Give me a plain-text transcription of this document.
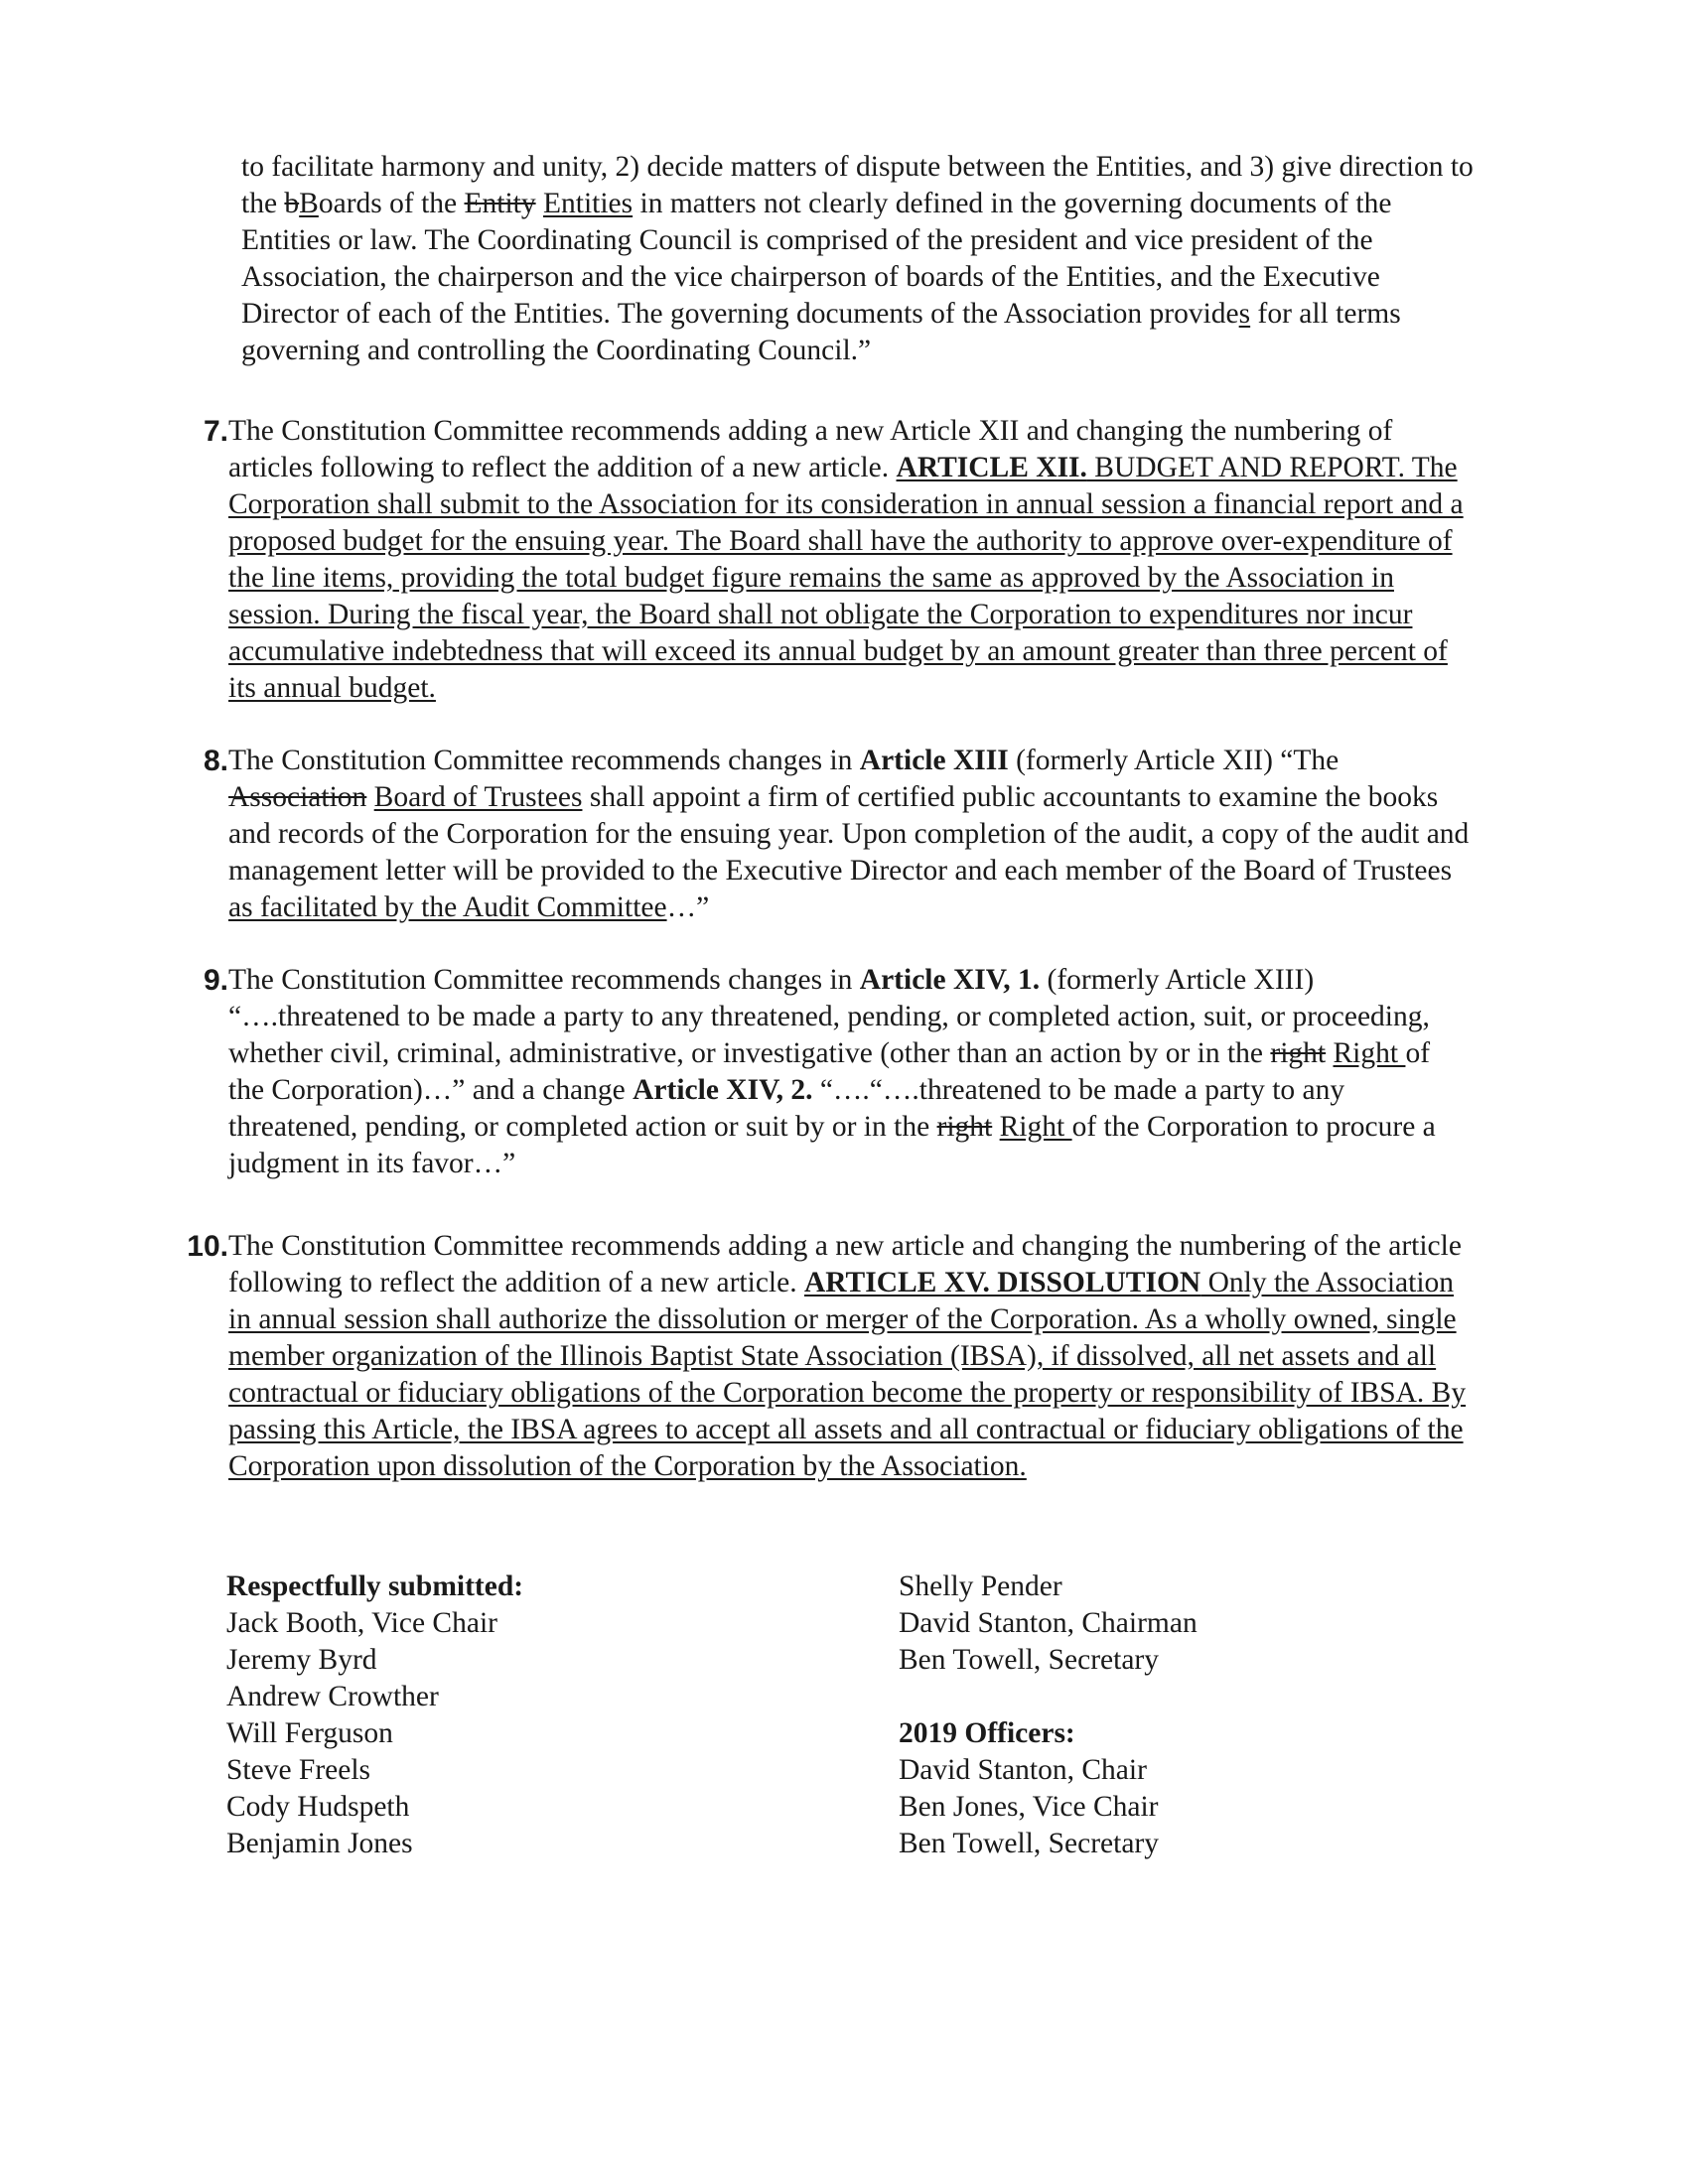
to facilitate harmony and unity, 2) decide matters of dispute between the Entities, and 3) give direction to the bBoards of the Entity Entities in matters not clearly defined in the governing documents of the Entities or law. The Coordinating Council is comprised of the president and vice president of the Association, the chairperson and the vice chairperson of boards of the Entities, and the Executive Director of each of the Entities. The governing documents of the Association provides for all terms governing and controlling the Coordinating Council.”

7. The Constitution Committee recommends adding a new Article XII and changing the numbering of articles following to reflect the addition of a new article. ARTICLE XII. BUDGET AND REPORT. The Corporation shall submit to the Association for its consideration in annual session a financial report and a proposed budget for the ensuing year. The Board shall have the authority to approve over-expenditure of the line items, providing the total budget figure remains the same as approved by the Association in session. During the fiscal year, the Board shall not obligate the Corporation to expenditures nor incur accumulative indebtedness that will exceed its annual budget by an amount greater than three percent of its annual budget.

8. The Constitution Committee recommends changes in Article XIII (formerly Article XII) “The Association Board of Trustees shall appoint a firm of certified public accountants to examine the books and records of the Corporation for the ensuing year. Upon completion of the audit, a copy of the audit and management letter will be provided to the Executive Director and each member of the Board of Trustees as facilitated by the Audit Committee…”

9. The Constitution Committee recommends changes in Article XIV, 1. (formerly Article XIII) “….threatened to be made a party to any threatened, pending, or completed action, suit, or proceeding, whether civil, criminal, administrative, or investigative (other than an action by or in the right Right of the Corporation)…” and a change Article XIV, 2. “….“….threatened to be made a party to any threatened, pending, or completed action or suit by or in the right Right of the Corporation to procure a judgment in its favor…”

10. The Constitution Committee recommends adding a new article and changing the numbering of the article following to reflect the addition of a new article. ARTICLE XV. DISSOLUTION Only the Association in annual session shall authorize the dissolution or merger of the Corporation. As a wholly owned, single member organization of the Illinois Baptist State Association (IBSA), if dissolved, all net assets and all contractual or fiduciary obligations of the Corporation become the property or responsibility of IBSA. By passing this Article, the IBSA agrees to accept all assets and all contractual or fiduciary obligations of the Corporation upon dissolution of the Corporation by the Association.

Respectfully submitted:
Jack Booth, Vice Chair
Jeremy Byrd
Andrew Crowther
Will Ferguson
Steve Freels
Cody Hudspeth
Benjamin Jones
Shelly Pender
David Stanton, Chairman
Ben Towell, Secretary
2019 Officers:
David Stanton, Chair
Ben Jones, Vice Chair
Ben Towell, Secretary
